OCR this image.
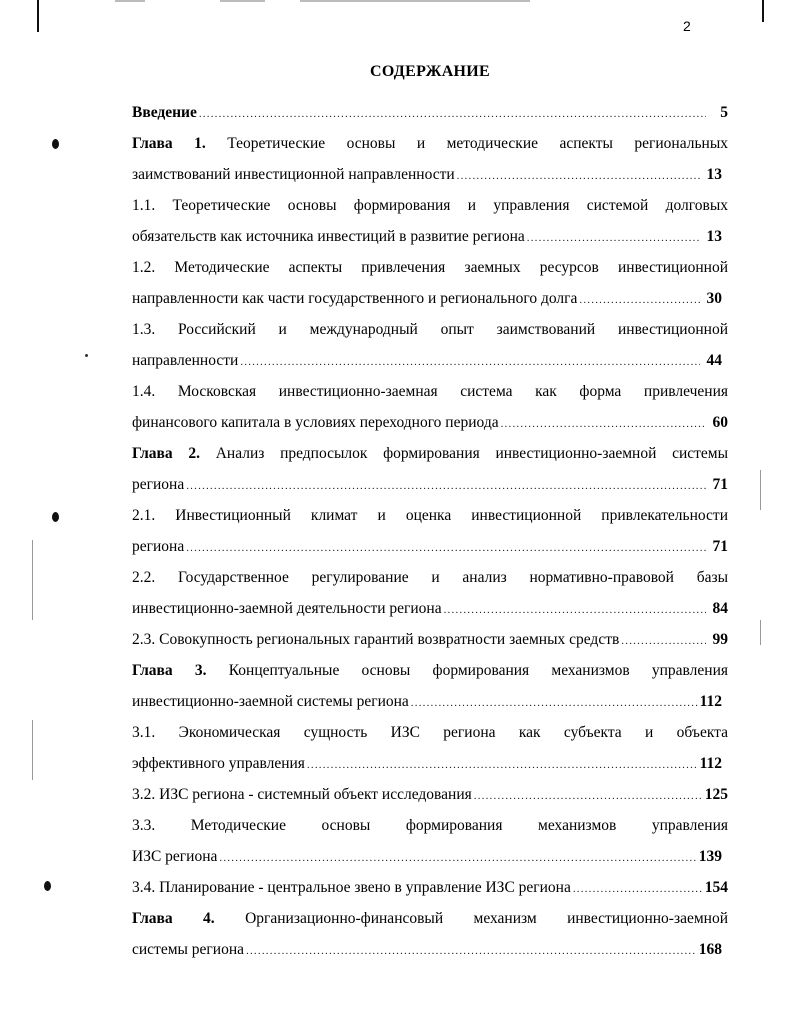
2
СОДЕРЖАНИЕ
Введение .....	5
Глава 1. Теоретические основы и методические аспекты региональных
заимствований инвестиционной направленности .....	13
1.1. Теоретические основы формирования и управления системой долговых
обязательств как источника инвестиций в развитие региона .....	13
1.2. Методические аспекты привлечения заемных ресурсов инвестиционной
направленности как части государственного и регионального долга .....	30
1.3. Российский и международный опыт заимствований инвестиционной
направленности .....	44
1.4. Московская инвестиционно-заемная система как форма привлечения
финансового капитала в условиях переходного периода .....	60
Глава 2. Анализ предпосылок формирования инвестиционно-заемной системы
региона .....	71
2.1. Инвестиционный климат и оценка инвестиционной привлекательности
региона .....	71
2.2. Государственное регулирование и анализ нормативно-правовой базы
инвестиционно-заемной деятельности региона .....	84
2.3. Совокупность региональных гарантий возвратности заемных средств .....	99
Глава 3. Концептуальные основы формирования механизмов управления
инвестиционно-заемной системы региона .....	112
3.1. Экономическая сущность ИЗС региона как субъекта и объекта
эффективного управления .....	112
3.2. ИЗС региона - системный объект исследования .....	125
3.3. Методические основы формирования механизмов управления
ИЗС региона .....	139
3.4. Планирование - центральное звено в управление ИЗС региона .....	154
Глава 4. Организационно-финансовый механизм инвестиционно-заемной
системы региона .....	168
